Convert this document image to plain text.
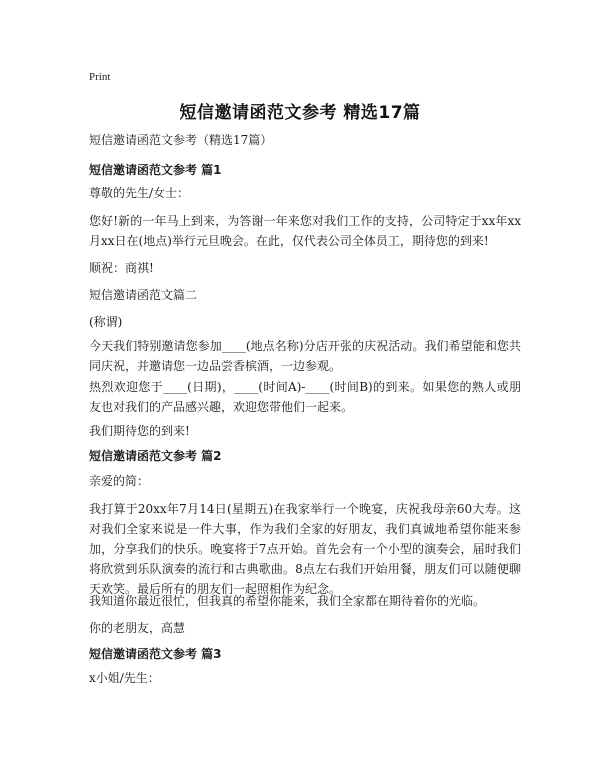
Print
短信邀请函范文参考 精选17篇
短信邀请函范文参考（精选17篇）
短信邀请函范文参考 篇1
尊敬的先生/女士：
您好!新的一年马上到来，为答谢一年来您对我们工作的支持，公司特定于xx年xx月xx日在(地点)举行元旦晚会。在此，仅代表公司全体员工，期待您的到来!
顺祝：商祺!
短信邀请函范文篇二
(称谓)
今天我们特别邀请您参加____(地点名称)分店开张的庆祝活动。我们希望能和您共同庆祝，并邀请您一边品尝香槟酒，一边参观。
热烈欢迎您于____(日期)，____(时间A)-____(时间B)的到来。如果您的熟人或朋友也对我们的产品感兴趣，欢迎您带他们一起来。
我们期待您的到来!
短信邀请函范文参考 篇2
亲爱的简：
我打算于20xx年7月14日(星期五)在我家举行一个晚宴，庆祝我母亲60大寿。这对我们全家来说是一件大事，作为我们全家的好朋友，我们真诚地希望你能来参加，分享我们的快乐。晚宴将于7点开始。首先会有一个小型的演奏会，届时我们将欣赏到乐队演奏的流行和古典歌曲。8点左右我们开始用餐，朋友们可以随便聊天欢笑。最后所有的朋友们一起照相作为纪念。
我知道你最近很忙，但我真的希望你能来，我们全家都在期待着你的光临。
你的老朋友，高慧
短信邀请函范文参考 篇3
x小姐/先生：
